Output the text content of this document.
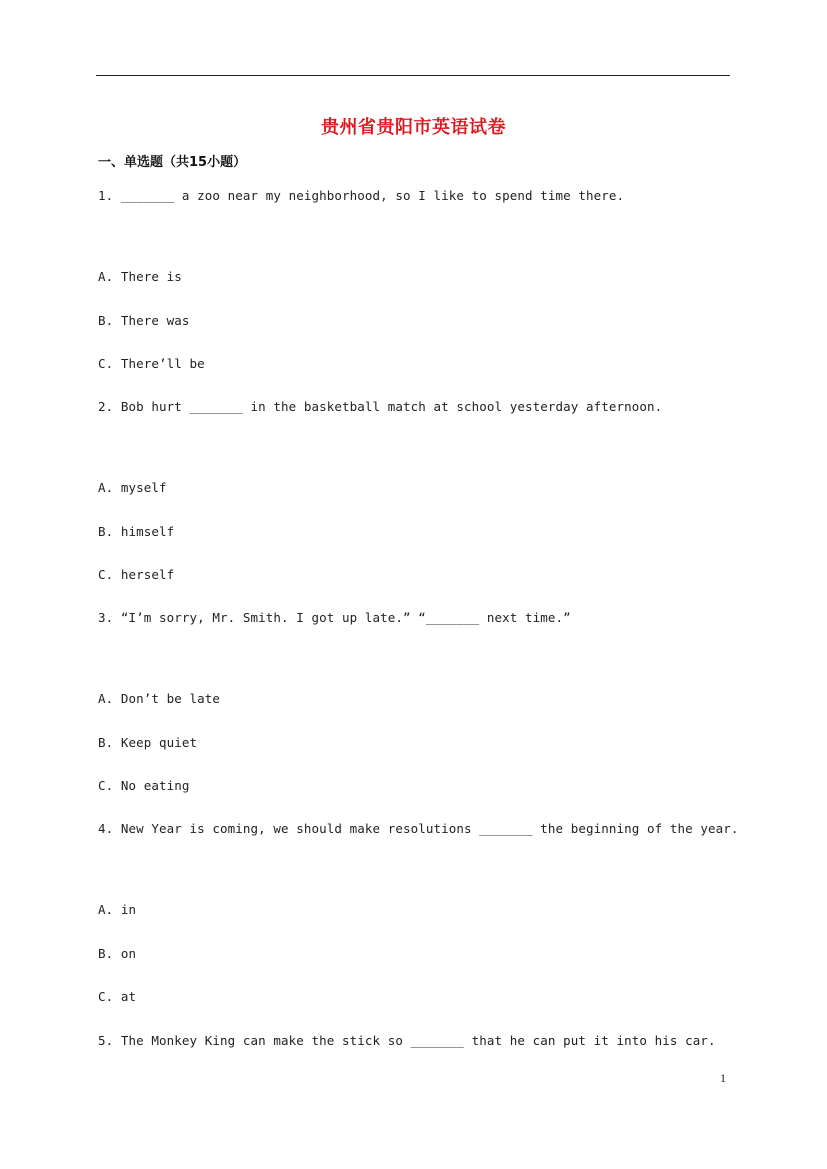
贵州省贵阳市英语试卷
一、单选题（共15小题）
1. _______ a zoo near my neighborhood, so I like to spend time there.
A. There is
B. There was
C. There’ll be
2. Bob hurt _______ in the basketball match at school yesterday afternoon.
A. myself
B. himself
C. herself
3. “I’m sorry, Mr. Smith. I got up late.” “_______ next time.”
A. Don’t be late
B. Keep quiet
C. No eating
4. New Year is coming, we should make resolutions _______ the beginning of the year.
A. in
B. on
C. at
5. The Monkey King can make the stick so _______ that he can put it into his car.
1
